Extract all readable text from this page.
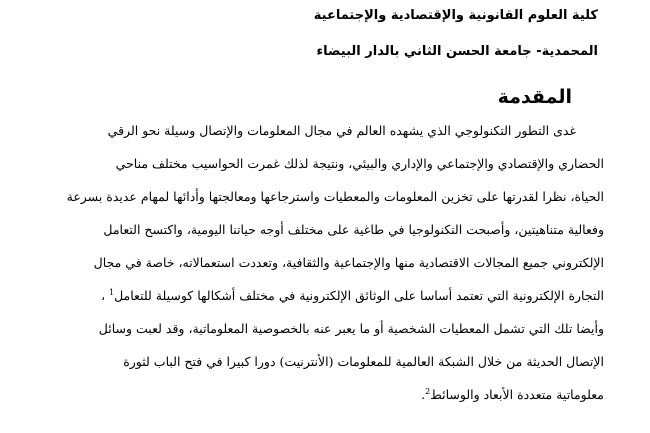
كلية العلوم القانونية والإقتصادية والإجتماعية
المحمدية- جامعة الحسن الثاني بالدار البيضاء
المقدمة
غدى التطور التكنولوجي الذي يشهده العالم في مجال المعلومات والإتصال وسيلة نحو الرقي
الحضاري والإقتصادي والإجتماعي والإداري والبيئي، ونتيجة لذلك غمرت الحواسيب مختلف مناحي
الحياة، نظرا لقدرتها على تخزين المعلومات والمعطيات واسترجاعها ومعالجتها وأدائها لمهام عديدة بسرعة
وفعالية متناهيتين، وأصبحت التكنولوجيا في طاغية على مختلف أوجه حياتنا اليومية، واكتسح التعامل
الإلكتروني جميع المجالات الاقتصادية منها والإجتماعية والثقافية، وتعددت استعمالاته، خاصة في مجال
التجارة الإلكترونية التي تعتمد أساسا على الوثائق الإلكترونية في مختلف أشكالها كوسيلة للتعامل$^1$ ،
وأيضا تلك التي تشمل المعطيات الشخصية أو ما يعبر عنه بالخصوصية المعلوماتية، وقد لعبت وسائل
الإتصال الحديثة من خلال الشبكة العالمية للمعلومات (الأنترنيت) دورا كبيرا في فتح الباب لثورة
معلوماتية متعددة الأبعاد والوسائط$^2$.
